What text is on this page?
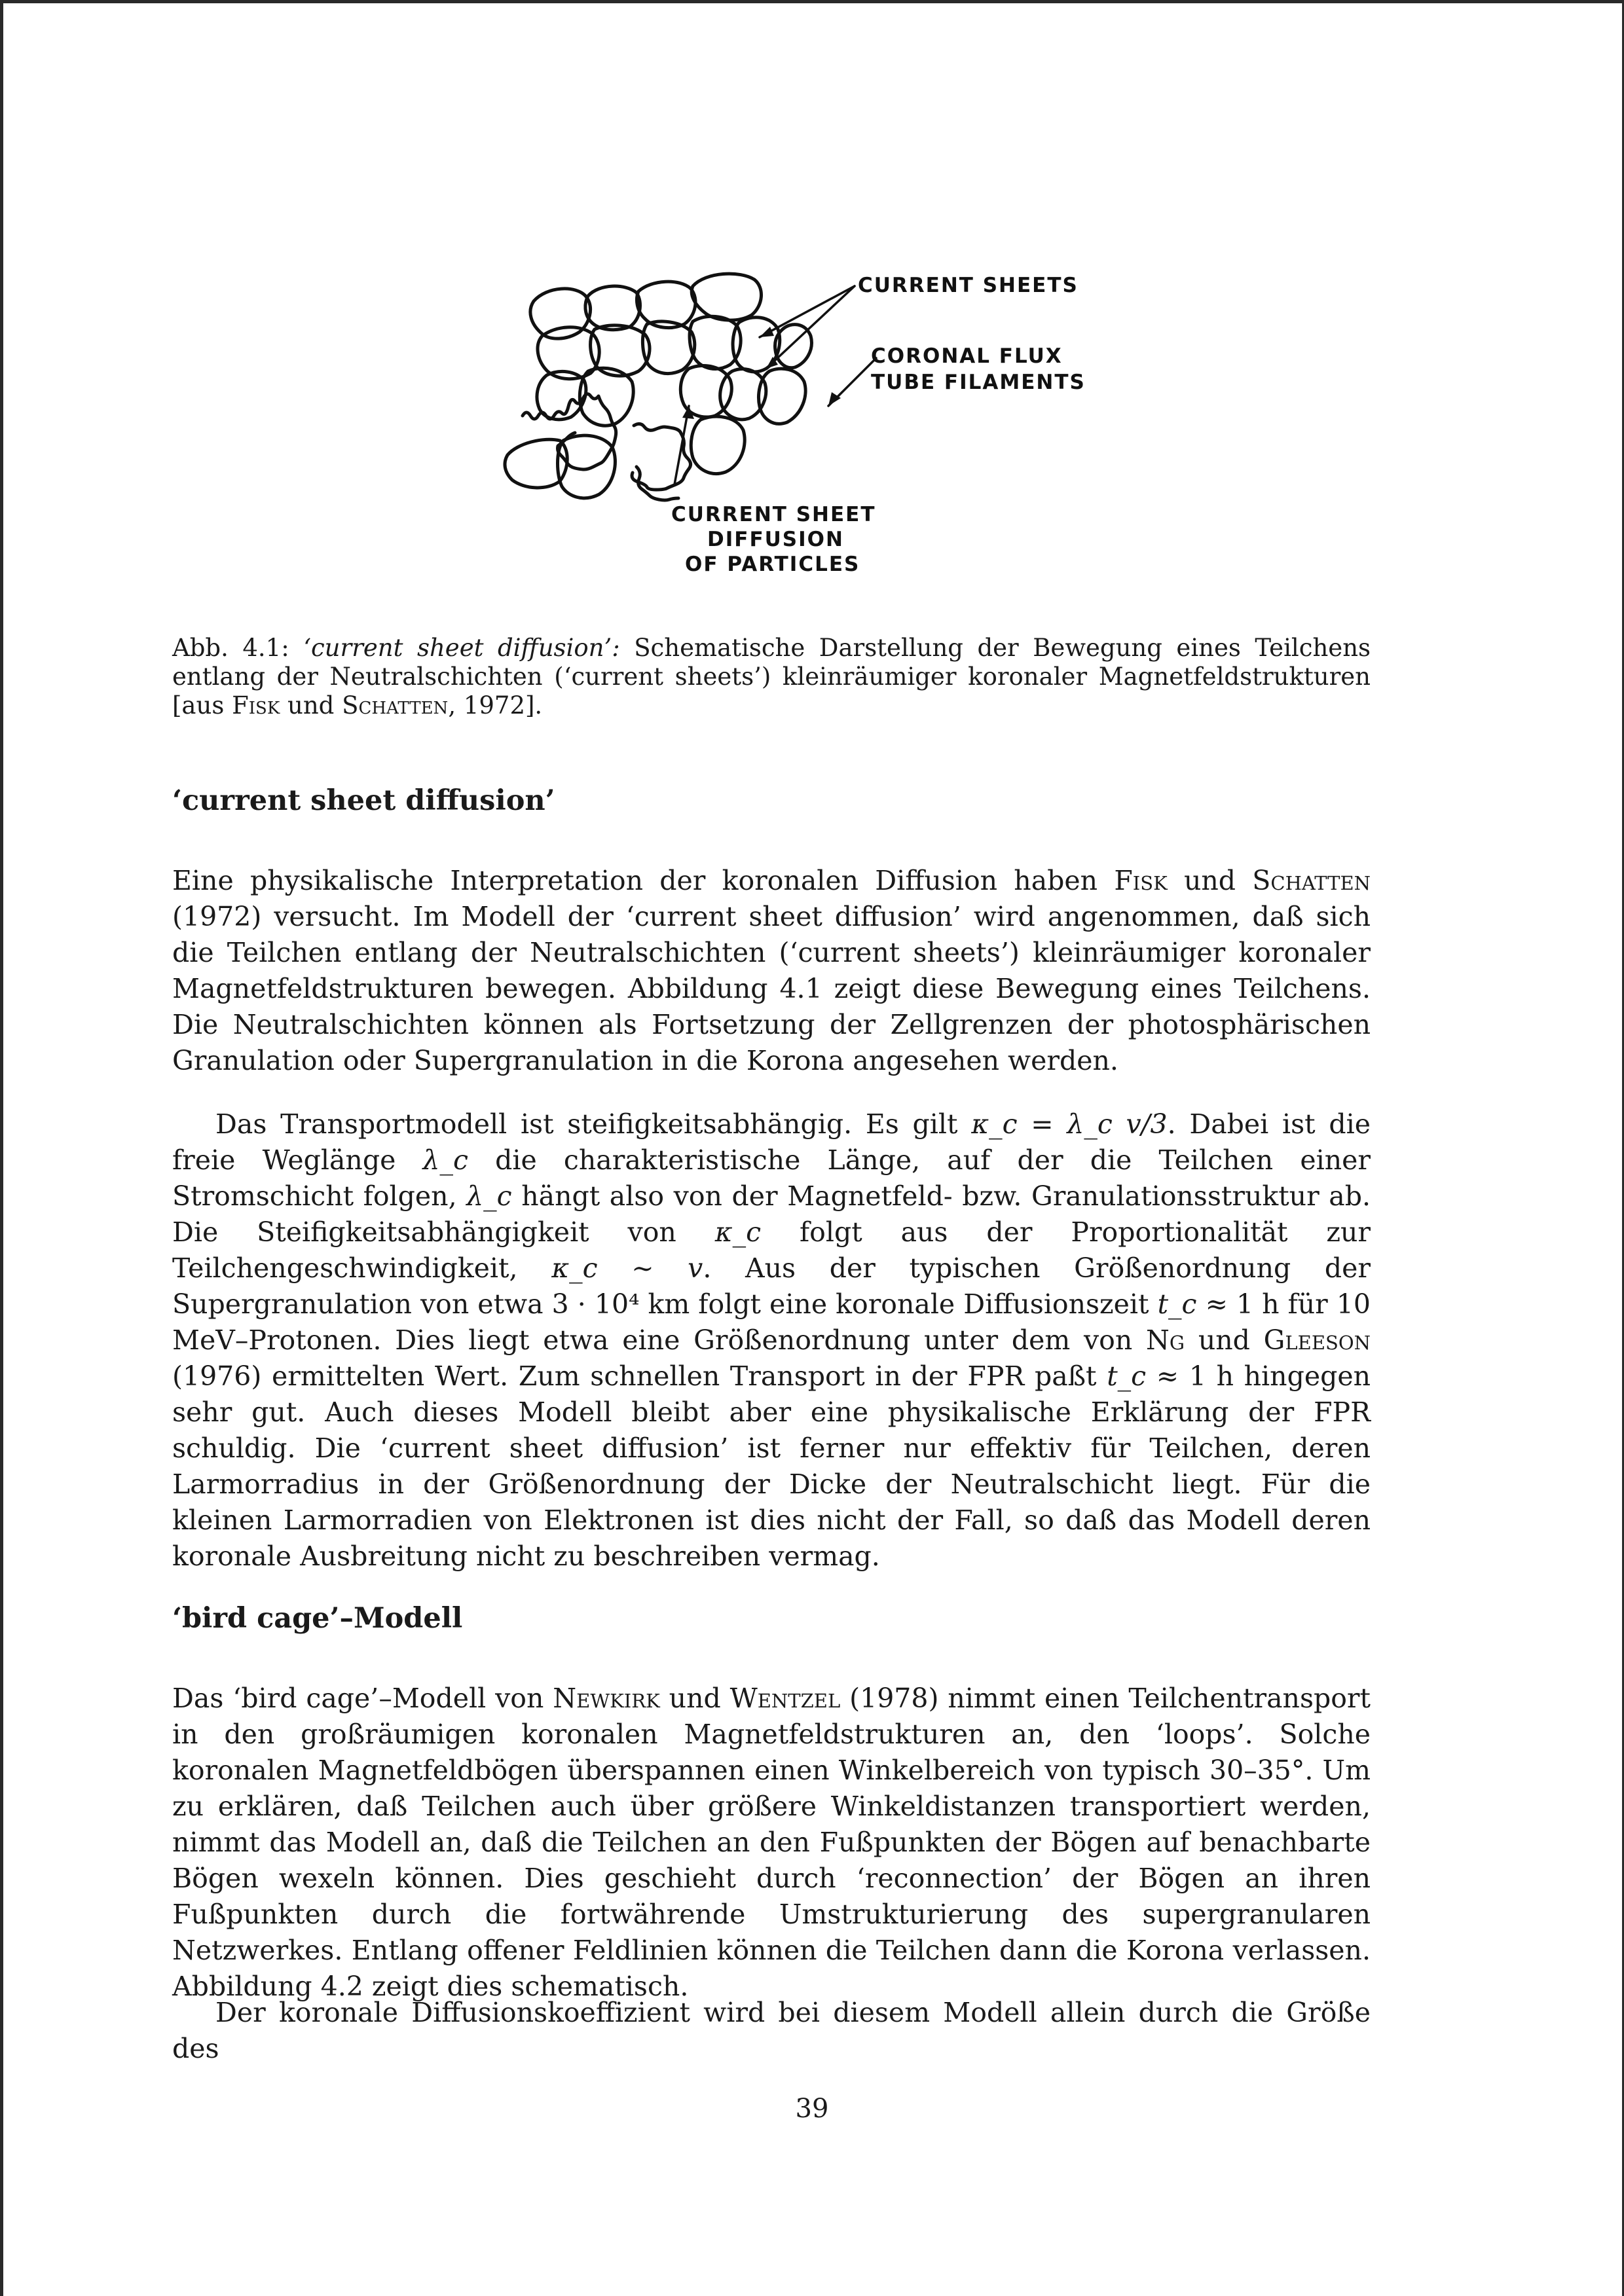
CURRENT SHEETS
CORONAL FLUX
TUBE FILAMENTS
CURRENT SHEET
DIFFUSION
OF PARTICLES
Abb. 4.1: ‘current sheet diffusion’: Schematische Darstellung der Bewegung eines Teilchens entlang der Neutralschichten (‘current sheets’) kleinräumiger koronaler Magnetfeldstrukturen [aus Fisk und Schatten, 1972].
‘current sheet diffusion’

Eine physikalische Interpretation der koronalen Diffusion haben Fisk und Schatten (1972) versucht. Im Modell der ‘current sheet diffusion’ wird angenommen, daß sich die Teilchen entlang der Neutralschichten (‘current sheets’) kleinräumiger koronaler Magnetfeldstrukturen bewegen. Abbildung 4.1 zeigt diese Bewegung eines Teilchens. Die Neutralschichten können als Fortsetzung der Zellgrenzen der photosphärischen Granulation oder Supergranulation in die Korona angesehen werden.

Das Transportmodell ist steifigkeitsabhängig. Es gilt κ_c = λ_c v/3. Dabei ist die freie Weglänge λ_c die charakteristische Länge, auf der die Teilchen einer Stromschicht folgen, λ_c hängt also von der Magnetfeld- bzw. Granulationsstruktur ab. Die Steifigkeitsabhängigkeit von κ_c folgt aus der Proportionalität zur Teilchengeschwindigkeit, κ_c ∼ v. Aus der typischen Größenordnung der Supergranulation von etwa 3 · 10⁴ km folgt eine koronale Diffusionszeit t_c ≈ 1 h für 10 MeV–Protonen. Dies liegt etwa eine Größenordnung unter dem von Ng und Gleeson (1976) ermittelten Wert. Zum schnellen Transport in der FPR paßt t_c ≈ 1 h hingegen sehr gut. Auch dieses Modell bleibt aber eine physikalische Erklärung der FPR schuldig. Die ‘current sheet diffusion’ ist ferner nur effektiv für Teilchen, deren Larmorradius in der Größenordnung der Dicke der Neutralschicht liegt. Für die kleinen Larmorradien von Elektronen ist dies nicht der Fall, so daß das Modell deren koronale Ausbreitung nicht zu beschreiben vermag.

‘bird cage’–Modell

Das ‘bird cage’–Modell von Newkirk und Wentzel (1978) nimmt einen Teilchentransport in den großräumigen koronalen Magnetfeldstrukturen an, den ‘loops’. Solche koronalen Magnetfeldbögen überspannen einen Winkelbereich von typisch 30–35°. Um zu erklären, daß Teilchen auch über größere Winkeldistanzen transportiert werden, nimmt das Modell an, daß die Teilchen an den Fußpunkten der Bögen auf benachbarte Bögen wexeln können. Dies geschieht durch ‘reconnection’ der Bögen an ihren Fußpunkten durch die fortwährende Umstrukturierung des supergranularen Netzwerkes. Entlang offener Feldlinien können die Teilchen dann die Korona verlassen. Abbildung 4.2 zeigt dies schematisch.

Der koronale Diffusionskoeffizient wird bei diesem Modell allein durch die Größe des

39
